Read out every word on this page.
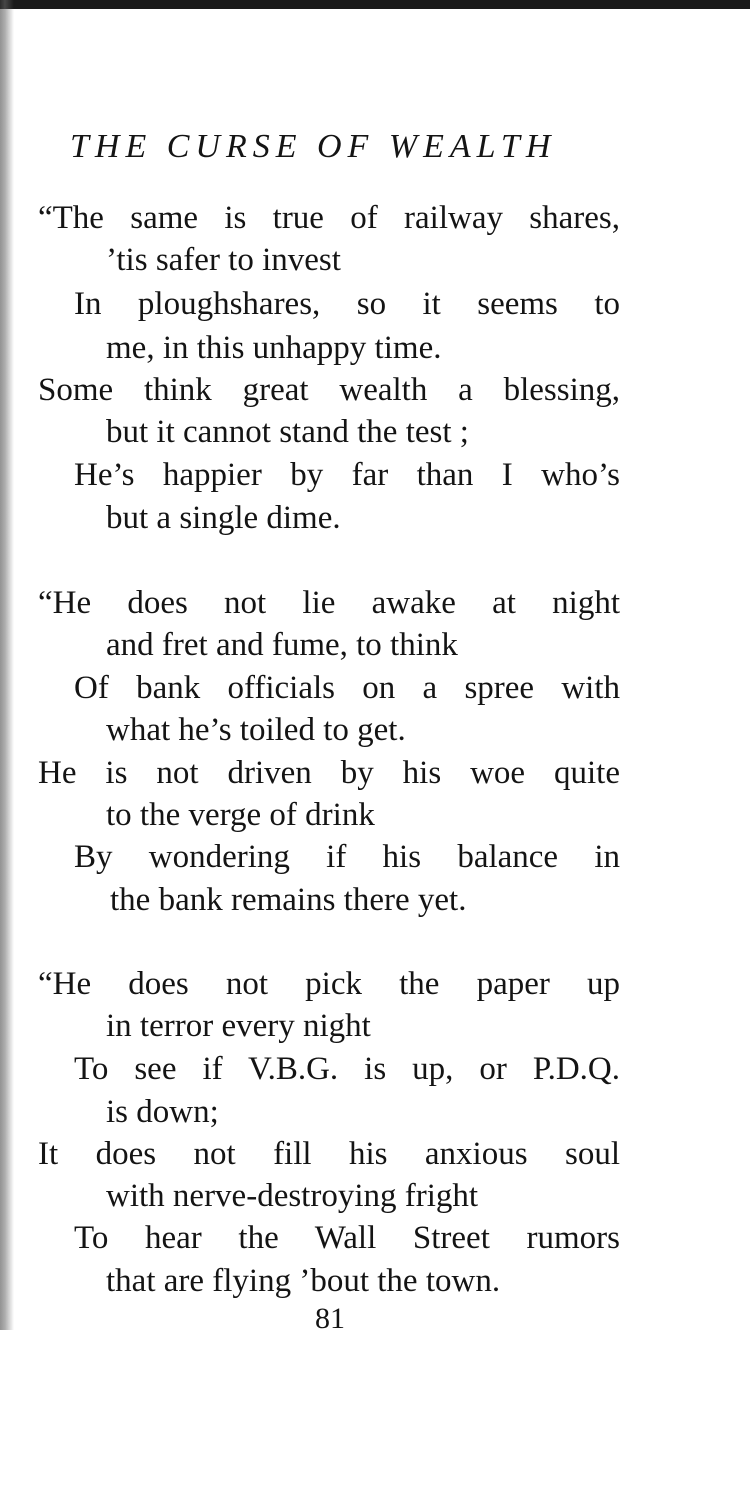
THE CURSE OF WEALTH
“The same is true of railway shares,
’tis safer to invest
In ploughshares, so it seems to
me, in this unhappy time.
Some think great wealth a blessing,
but it cannot stand the test ;
He’s happier by far than I who’s
but a single dime.
“He does not lie awake at night
and fret and fume, to think
Of bank officials on a spree with
what he’s toiled to get.
He is not driven by his woe quite
to the verge of drink
By wondering if his balance in
the bank remains there yet.
“He does not pick the paper up
in terror every night
To see if V.B.G. is up, or P.D.Q.
is down;
It does not fill his anxious soul
with nerve-destroying fright
To hear the Wall Street rumors
that are flying ’bout the town.

81
